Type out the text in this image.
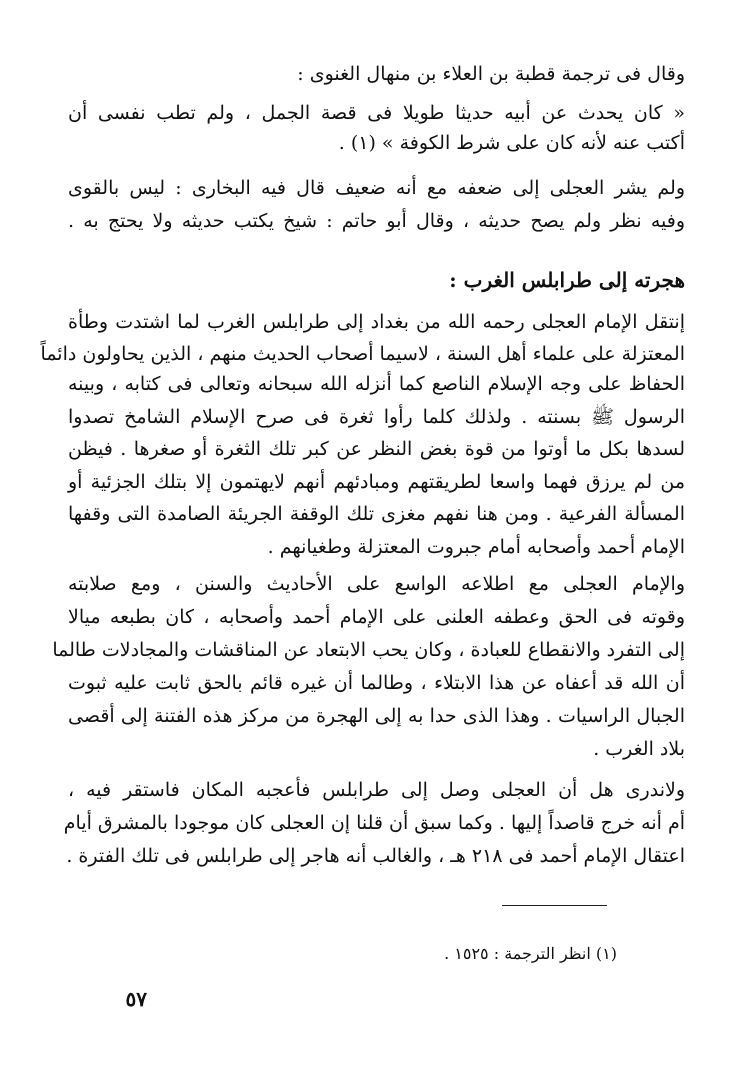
وقال فى ترجمة قطبة بن العلاء بن منهال الغنوى :
« كان يحدث عن أبيه حديثا طويلا فى قصة الجمل ، ولم تطب نفسى أن
أكتب عنه لأنه كان على شرط الكوفة » (١) .
ولم يشر العجلى إلى ضعفه مع أنه ضعيف قال فيه البخارى : ليس بالقوى
وفيه نظر ولم يصح حديثه ، وقال أبو حاتم : شيخ يكتب حديثه ولا يحتج به .
هجرته إلى طرابلس الغرب :
إنتقل الإمام العجلى رحمه الله من بغداد إلى طرابلس الغرب لما اشتدت وطأة
المعتزلة على علماء أهل السنة ، لاسيما أصحاب الحديث منهم ، الذين يحاولون دائماً
الحفاظ على وجه الإسلام الناصع كما أنزله الله سبحانه وتعالى فى كتابه ، وبينه
الرسول ﷺ بسنته . ولذلك كلما رأوا ثغرة فى صرح الإسلام الشامخ تصدوا
لسدها بكل ما أوتوا من قوة بغض النظر عن كبر تلك الثغرة أو صغرها . فيظن
من لم يرزق فهما واسعا لطريقتهم ومبادئهم أنهم لايهتمون إلا بتلك الجزئية أو
المسألة الفرعية . ومن هنا نفهم مغزى تلك الوقفة الجريئة الصامدة التى وقفها
الإمام أحمد وأصحابه أمام جبروت المعتزلة وطغيانهم .
والإمام العجلى مع اطلاعه الواسع على الأحاديث والسنن ، ومع صلابته
وقوته فى الحق وعطفه العلنى على الإمام أحمد وأصحابه ، كان بطبعه ميالا
إلى التفرد والانقطاع للعبادة ، وكان يحب الابتعاد عن المناقشات والمجادلات طالما
أن الله قد أعفاه عن هذا الابتلاء ، وطالما أن غيره قائم بالحق ثابت عليه ثبوت
الجبال الراسيات . وهذا الذى حدا به إلى الهجرة من مركز هذه الفتنة إلى أقصى
بلاد الغرب .
ولاندرى هل أن العجلى وصل إلى طرابلس فأعجبه المكان فاستقر فيه ،
أم أنه خرج قاصداً إليها . وكما سبق أن قلنا إن العجلى كان موجودا بالمشرق أيام
اعتقال الإمام أحمد فى ٢١٨ هـ ، والغالب أنه هاجر إلى طرابلس فى تلك الفترة .
(١) انظر الترجمة : ١٥٢٥ .
٥٧
